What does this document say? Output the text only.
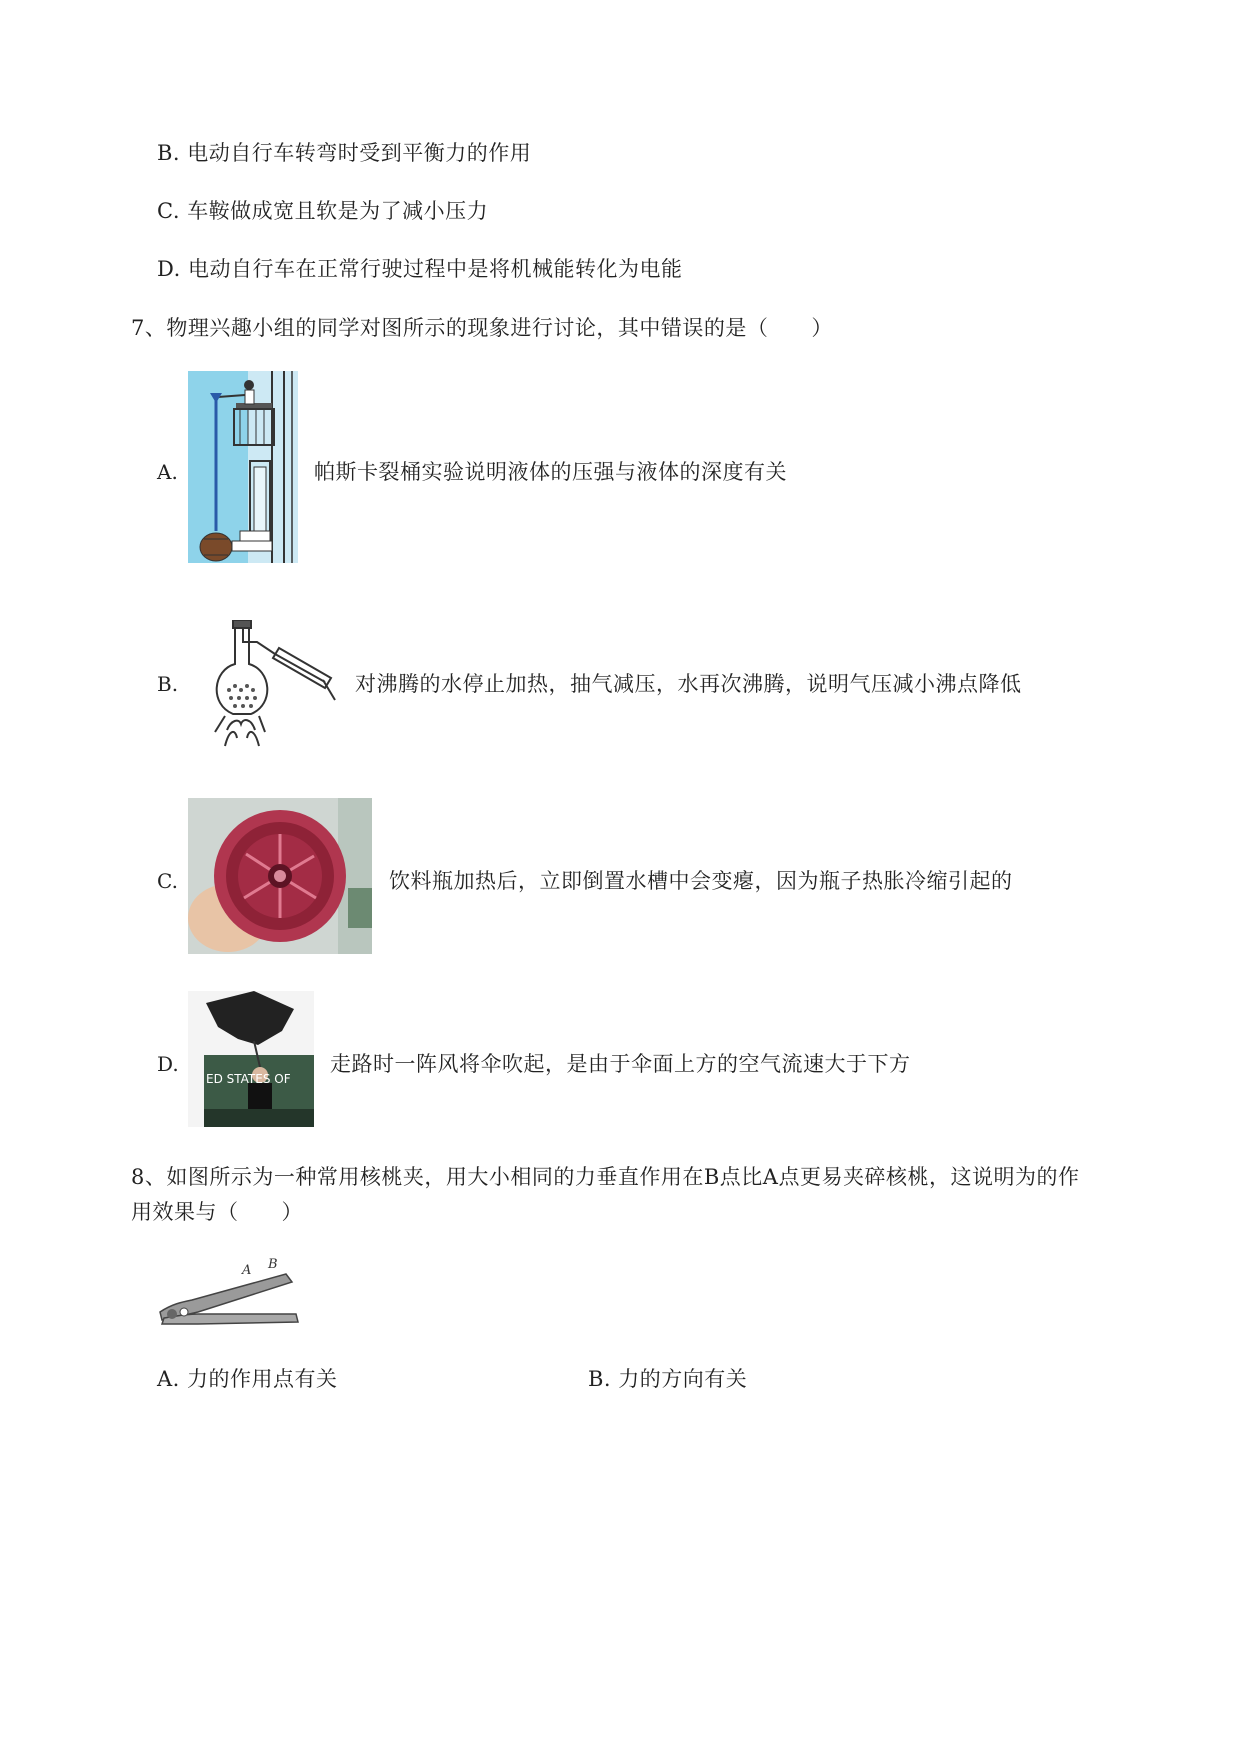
B. 电动自行车转弯时受到平衡力的作用
C. 车鞍做成宽且软是为了减小压力
D. 电动自行车在正常行驶过程中是将机械能转化为电能
7、物理兴趣小组的同学对图所示的现象进行讨论，其中错误的是（　　）
A.	帕斯卡裂桶实验说明液体的压强与液体的深度有关
B.	对沸腾的水停止加热，抽气减压，水再次沸腾，说明气压减小沸点降低
C.	饮料瓶加热后，立即倒置水槽中会变瘪，因为瓶子热胀冷缩引起的
D.
ED STATES OF
走路时一阵风将伞吹起，是由于伞面上方的空气流速大于下方
8、如图所示为一种常用核桃夹，用大小相同的力垂直作用在B点比A点更易夹碎核桃，这说明为的作
用效果与（　　）
A B
A. 力的作用点有关	B. 力的方向有关
